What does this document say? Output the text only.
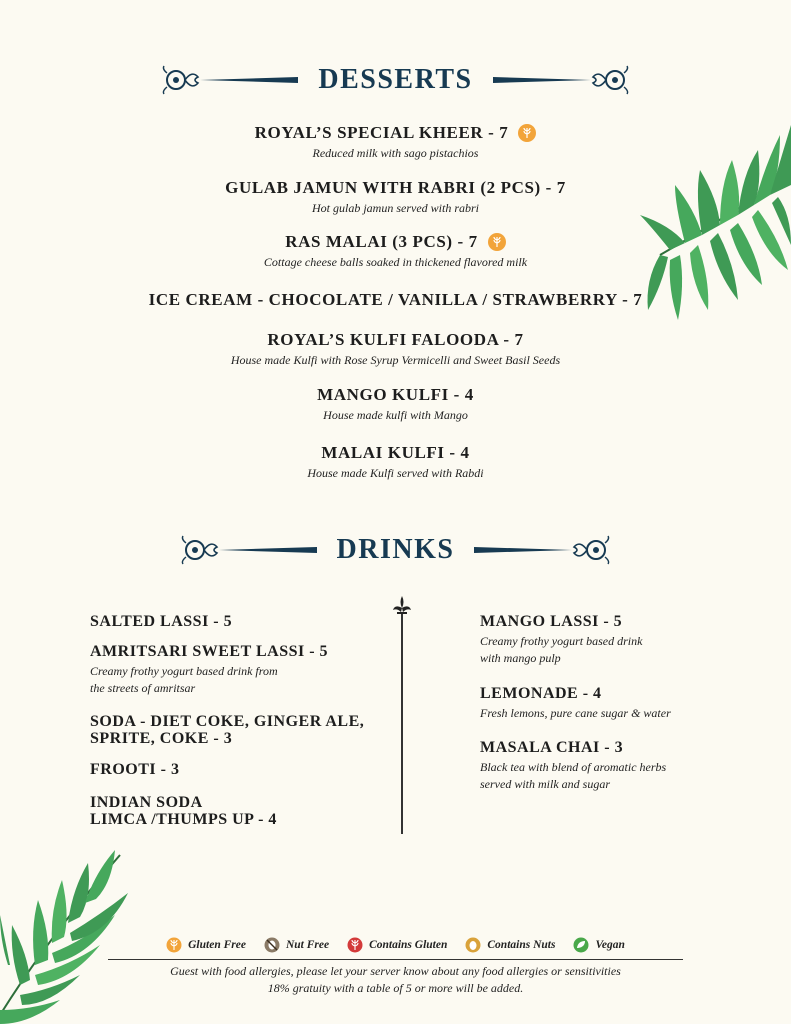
DESSERTS
ROYAL’S SPECIAL KHEER - 7
Reduced milk with sago pistachios
GULAB JAMUN WITH RABRI (2 PCS) - 7
Hot gulab jamun served with rabri
RAS MALAI (3 PCS) - 7
Cottage cheese balls soaked in thickened flavored milk
ICE CREAM - CHOCOLATE / VANILLA / STRAWBERRY - 7
ROYAL’S KULFI FALOODA - 7
House made Kulfi with Rose Syrup Vermicelli and Sweet Basil Seeds
MANGO KULFI - 4
House made kulfi with Mango
MALAI KULFI - 4
House made Kulfi served with Rabdi
DRINKS
SALTED LASSI - 5
AMRITSARI SWEET LASSI - 5
Creamy frothy yogurt based drink from
the streets of amritsar
SODA - DIET COKE, GINGER ALE,
SPRITE, COKE - 3
FROOTI - 3
INDIAN SODA
LIMCA /THUMPS UP - 4
MANGO LASSI - 5
Creamy frothy yogurt based drink
with mango pulp
LEMONADE - 4
Fresh lemons, pure cane sugar & water
MASALA CHAI - 3
Black tea with blend of aromatic herbs
served with milk and sugar
Gluten Free	Nut Free	Contains Gluten	Contains Nuts	Vegan
Guest with food allergies, please let your server know about any food allergies or sensitivities
18% gratuity with a table of 5 or more will be added.
